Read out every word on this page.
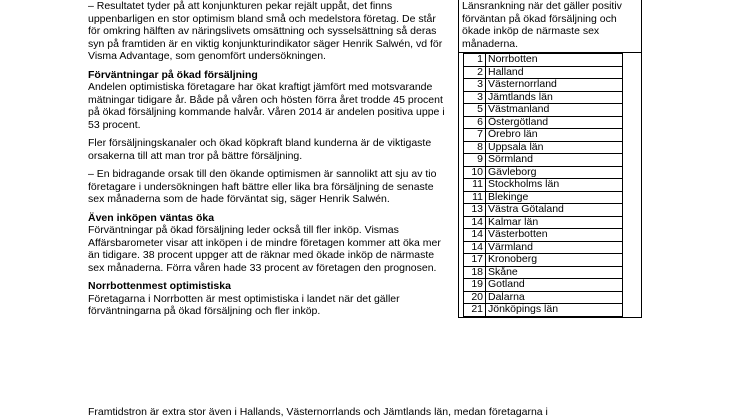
– Resultatet tyder på att konjunkturen pekar rejält uppåt, det finns uppenbarligen en stor optimism bland små och medelstora företag. De står för omkring hälften av näringslivets omsättning och sysselsättning så deras syn på framtiden är en viktig konjunkturindikator säger Henrik Salwén, vd för Visma Advantage, som genomfört undersökningen.

Förväntningar på ökad försäljning

Andelen optimistiska företagare har ökat kraftigt jämfört med motsvarande mätningar tidigare år. Både på våren och hösten förra året trodde 45 procent på ökad försäljning kommande halvår. Våren 2014 är andelen positiva uppe i 53 procent.

Fler försäljningskanaler och ökad köpkraft bland kunderna är de viktigaste orsakerna till att man tror på bättre försäljning.

– En bidragande orsak till den ökande optimismen är sannolikt att sju av tio företagare i undersökningen haft bättre eller lika bra försäljning de senaste sex månaderna som de hade förväntat sig, säger Henrik Salwén.

Även inköpen väntas öka

Förväntningar på ökad försäljning leder också till fler inköp. Vismas Affärsbarometer visar att inköpen i de mindre företagen kommer att öka mer än tidigare. 38 procent uppger att de räknar med ökade inköp de närmaste sex månaderna. Förra våren hade 33 procent av företagen den prognosen.

Norrbottenmest optimistiska

Företagarna i Norrbotten är mest optimistiska i landet när det gäller förväntningarna på ökad försäljning och fler inköp.

Framtidstron är extra stor även i Hallands, Västernorrlands och Jämtlands län, medan företagarna i
Länsrankning när det gäller positiv förväntan på ökad försäljning och ökade inköp de närmaste sex månaderna.
1	Norrbotten
2	Halland
3	Västernorrland
3	Jämtlands län
5	Västmanland
6	Östergötland
7	Örebro län
8	Uppsala län
9	Sörmland
10	Gävleborg
11	Stockholms län
11	Blekinge
13	Västra Götaland
14	Kalmar län
14	Västerbotten
14	Värmland
17	Kronoberg
18	Skåne
19	Gotland
20	Dalarna
21	Jönköpings län
